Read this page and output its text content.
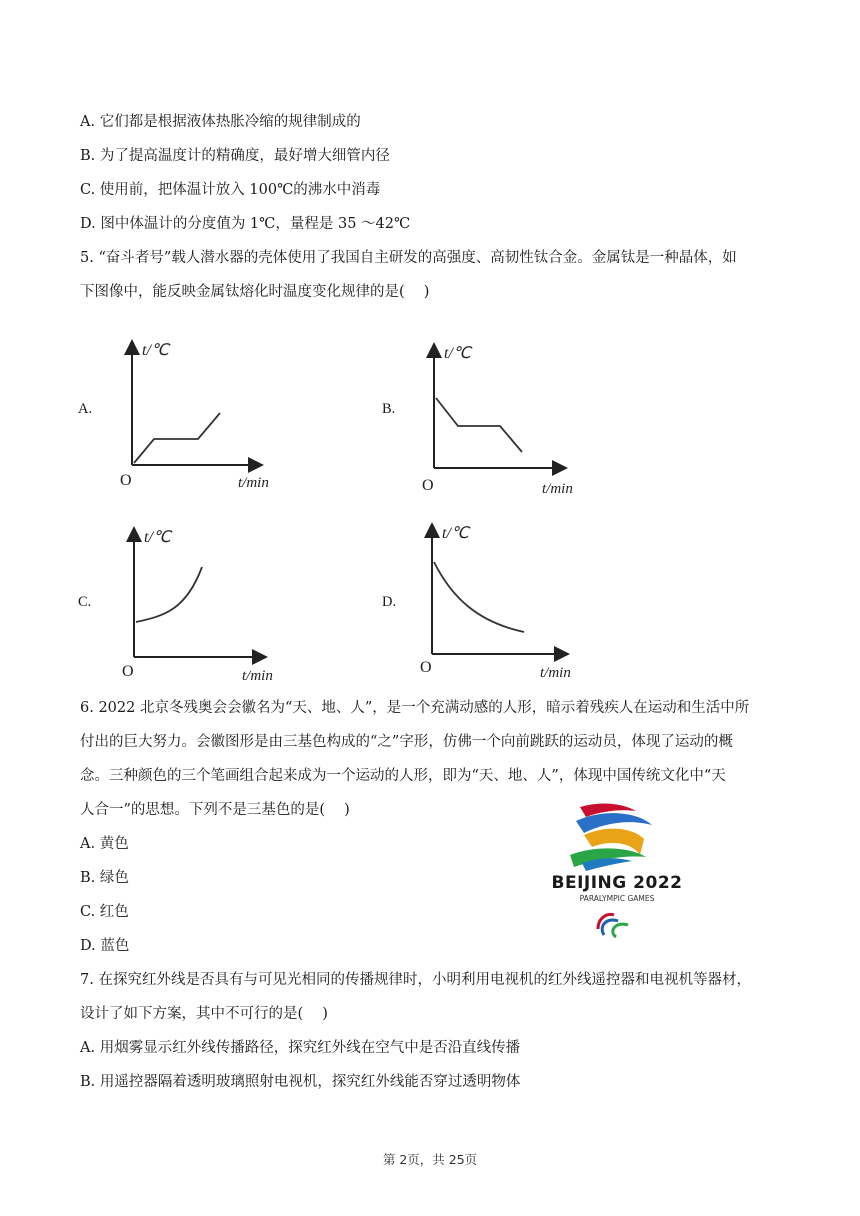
A. 它们都是根据液体热胀冷缩的规律制成的

B. 为了提高温度计的精确度，最好增大细管内径

C. 使用前，把体温计放入 100℃的沸水中消毒

D. 图中体温计的分度值为 1℃，量程是 35 ～42℃

5. “奋斗者号”载人潜水器的壳体使用了我国自主研发的高强度、高韧性钛合金。金属钛是一种晶体，如

下图像中，能反映金属钛熔化时温度变化规律的是(　 )

A.
t/℃
t/min
O
B.
t/℃
t/min
O
C.
t/℃
t/min
O
D.
t/℃
t/min
O

6. 2022 北京冬残奥会会徽名为“天、地、人”，是一个充满动感的人形，暗示着残疾人在运动和生活中所

付出的巨大努力。会徽图形是由三基色构成的“之”字形，仿佛一个向前跳跃的运动员，体现了运动的概

念。三种颜色的三个笔画组合起来成为一个运动的人形，即为“天、地、人”，体现中国传统文化中“天

人合一”的思想。下列不是三基色的是(　 )

A. 黄色

B. 绿色

C. 红色

D. 蓝色

BEIJING 2022
PARALYMPIC GAMES

7. 在探究红外线是否具有与可见光相同的传播规律时，小明利用电视机的红外线遥控器和电视机等器材，

设计了如下方案，其中不可行的是(　 )

A. 用烟雾显示红外线传播路径，探究红外线在空气中是否沿直线传播

B. 用遥控器隔着透明玻璃照射电视机，探究红外线能否穿过透明物体

第 2页，共 25页
